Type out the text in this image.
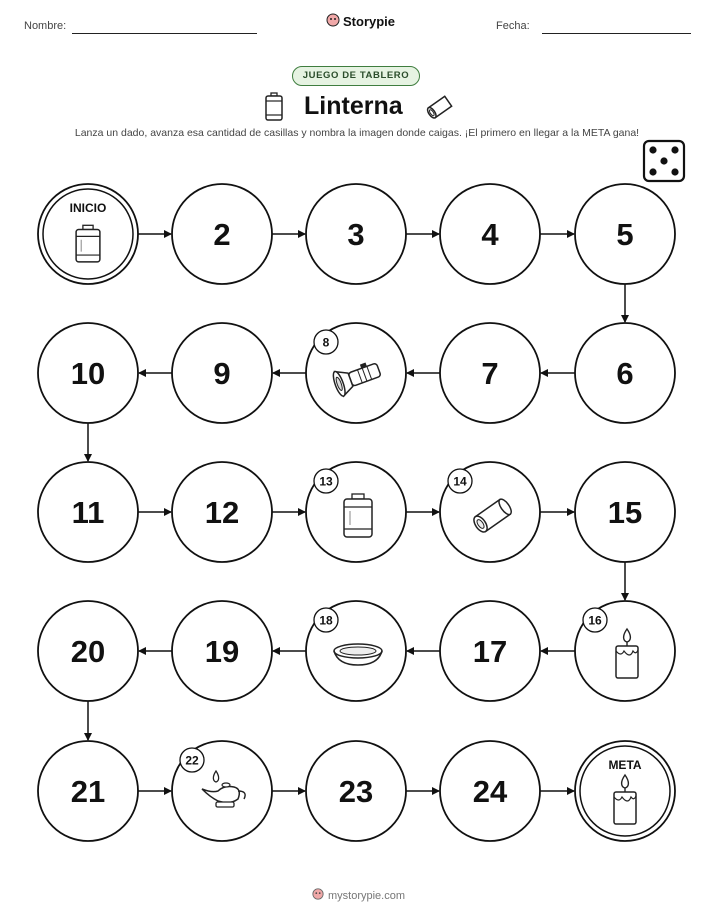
Nombre:	Storypie	Fecha:
JUEGO DE TABLERO
Linterna
Lanza un dado, avanza esa cantidad de casillas y nombra la imagen donde caigas. ¡El primero en llegar a la META gana!
INICIO
2	3	4	5
6
7
8
9
10
11	12
13	14
15
16
17
18
19
20
21
22
23	24
META
mystorypie.com
